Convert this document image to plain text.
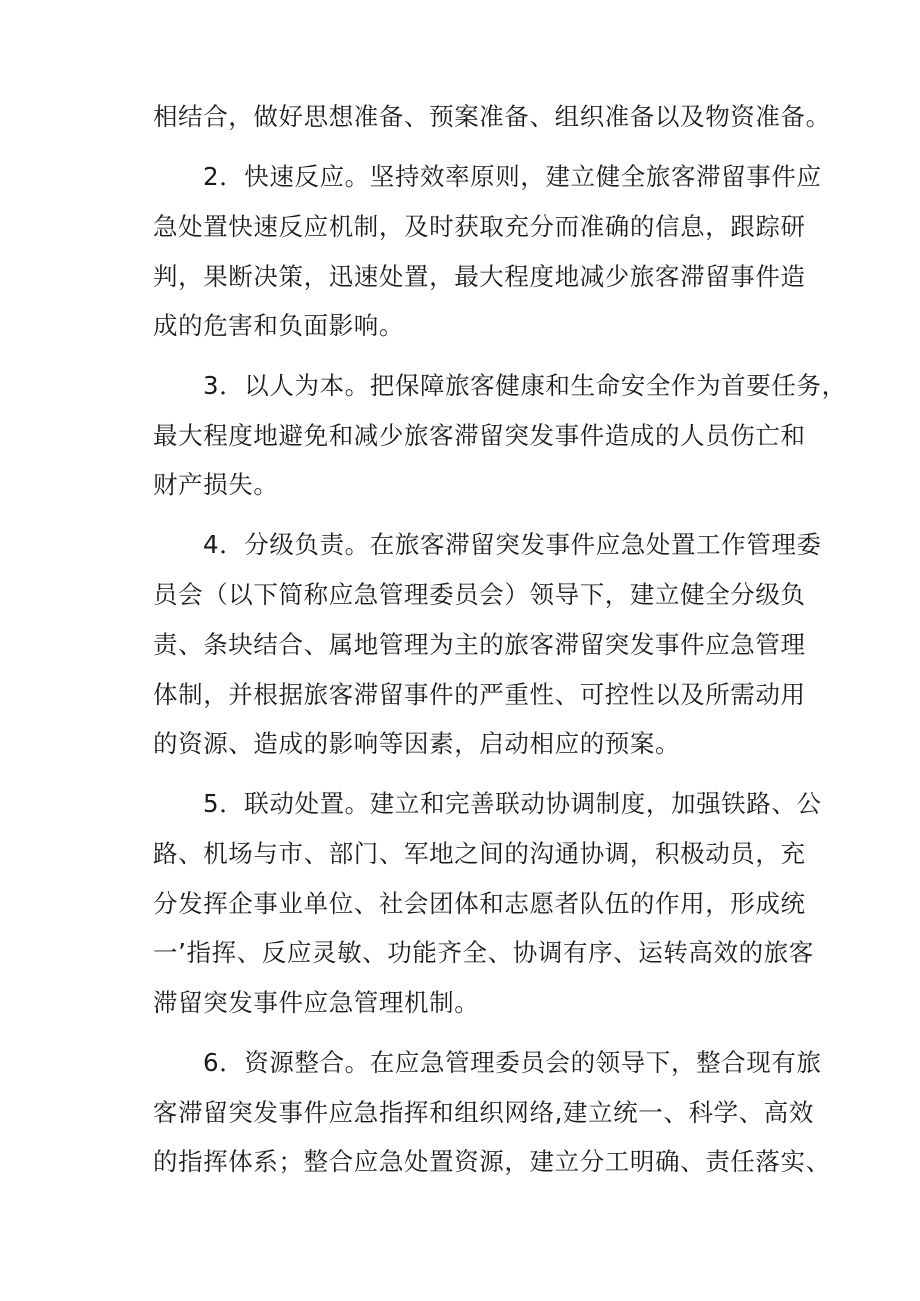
相结合，做好思想准备、预案准备、组织准备以及物资准备。
2．快速反应。坚持效率原则，建立健全旅客滞留事件应
急处置快速反应机制，及时获取充分而准确的信息，跟踪研
判，果断决策，迅速处置，最大程度地减少旅客滞留事件造
成的危害和负面影响。
3．以人为本。把保障旅客健康和生命安全作为首要任务，
最大程度地避免和减少旅客滞留突发事件造成的人员伤亡和
财产损失。
4．分级负责。在旅客滞留突发事件应急处置工作管理委
员会（以下简称应急管理委员会）领导下，建立健全分级负
责、条块结合、属地管理为主的旅客滞留突发事件应急管理
体制，并根据旅客滞留事件的严重性、可控性以及所需动用
的资源、造成的影响等因素，启动相应的预案。
5．联动处置。建立和完善联动协调制度，加强铁路、公
路、机场与市、部门、军地之间的沟通协调，积极动员，充
分发挥企事业单位、社会团体和志愿者队伍的作用，形成统
一’指挥、反应灵敏、功能齐全、协调有序、运转高效的旅客
滞留突发事件应急管理机制。
6．资源整合。在应急管理委员会的领导下，整合现有旅
客滞留突发事件应急指挥和组织网络,建立统一、科学、高效
的指挥体系；整合应急处置资源，建立分工明确、责任落实、
